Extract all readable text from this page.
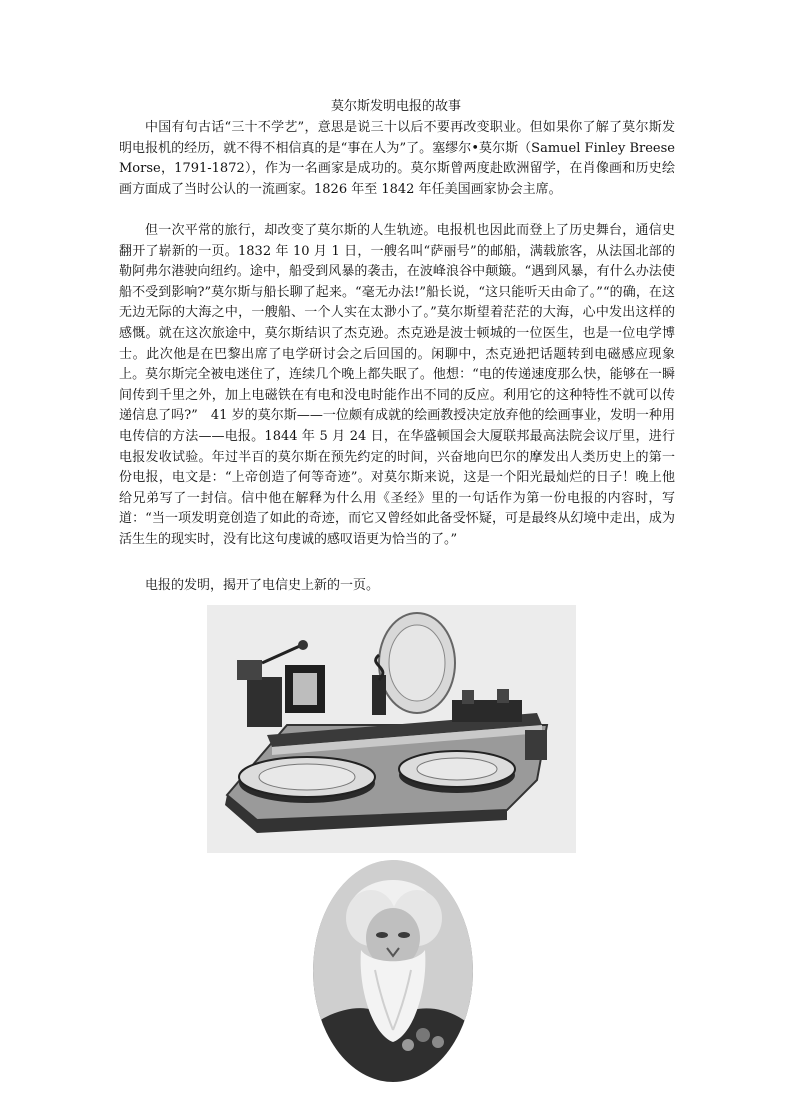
莫尔斯发明电报的故事

中国有句古话“三十不学艺”，意思是说三十以后不要再改变职业。但如果你了解了莫尔斯发明电报机的经历，就不得不相信真的是“事在人为”了。塞缪尔•莫尔斯（Samuel Finley Breese Morse，1791-1872），作为一名画家是成功的。莫尔斯曾两度赴欧洲留学，在肖像画和历史绘画方面成了当时公认的一流画家。1826 年至 1842 年任美国画家协会主席。

但一次平常的旅行，却改变了莫尔斯的人生轨迹。电报机也因此而登上了历史舞台，通信史翻开了崭新的一页。1832 年 10 月 1 日，一艘名叫“萨丽号”的邮船，满载旅客，从法国北部的勒阿弗尔港驶向纽约。途中，船受到风暴的袭击，在波峰浪谷中颠簸。“遇到风暴，有什么办法使船不受到影响?”莫尔斯与船长聊了起来。“毫无办法!”船长说，“这只能听天由命了。”“的确，在这无边无际的大海之中，一艘船、一个人实在太渺小了。”莫尔斯望着茫茫的大海，心中发出这样的感慨。就在这次旅途中，莫尔斯结识了杰克逊。杰克逊是波士顿城的一位医生，也是一位电学博士。此次他是在巴黎出席了电学研讨会之后回国的。闲聊中，杰克逊把话题转到电磁感应现象上。莫尔斯完全被电迷住了，连续几个晚上都失眠了。他想：“电的传递速度那么快，能够在一瞬间传到千里之外，加上电磁铁在有电和没电时能作出不同的反应。利用它的这种特性不就可以传递信息了吗?”　41 岁的莫尔斯——一位颇有成就的绘画教授决定放弃他的绘画事业，发明一种用电传信的方法——电报。1844 年 5 月 24 日，在华盛顿国会大厦联邦最高法院会议厅里，进行电报发收试验。年过半百的莫尔斯在预先约定的时间，兴奋地向巴尔的摩发出人类历史上的第一份电报，电文是：“上帝创造了何等奇迹”。对莫尔斯来说，这是一个阳光最灿烂的日子！晚上他给兄弟写了一封信。信中他在解释为什么用《圣经》里的一句话作为第一份电报的内容时，写道：“当一项发明竟创造了如此的奇迹，而它又曾经如此备受怀疑，可是最终从幻境中走出，成为活生生的现实时，没有比这句虔诚的感叹语更为恰当的了。”

电报的发明，揭开了电信史上新的一页。
